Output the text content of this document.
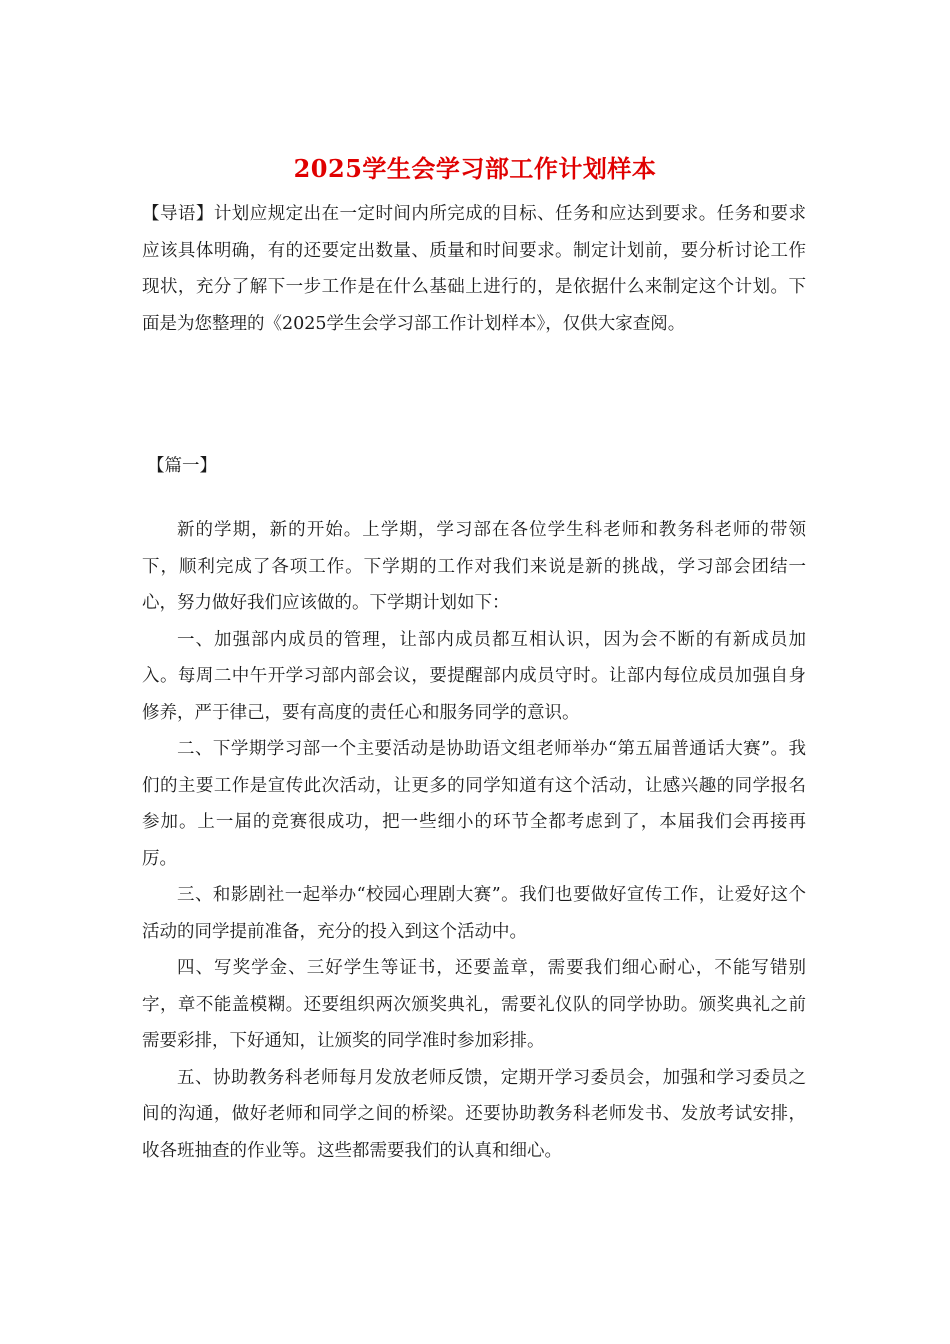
2025学生会学习部工作计划样本

【导语】计划应规定出在一定时间内所完成的目标、任务和应达到要求。任务和要求应该具体明确，有的还要定出数量、质量和时间要求。制定计划前，要分析讨论工作现状，充分了解下一步工作是在什么基础上进行的，是依据什么来制定这个计划。下面是为您整理的《2025学生会学习部工作计划样本》，仅供大家查阅。

【篇一】

新的学期，新的开始。上学期，学习部在各位学生科老师和教务科老师的带领下，顺利完成了各项工作。下学期的工作对我们来说是新的挑战，学习部会团结一心，努力做好我们应该做的。下学期计划如下：

一、加强部内成员的管理，让部内成员都互相认识，因为会不断的有新成员加入。每周二中午开学习部内部会议，要提醒部内成员守时。让部内每位成员加强自身修养，严于律己，要有高度的责任心和服务同学的意识。

二、下学期学习部一个主要活动是协助语文组老师举办“第五届普通话大赛”。我们的主要工作是宣传此次活动，让更多的同学知道有这个活动，让感兴趣的同学报名参加。上一届的竞赛很成功，把一些细小的环节全都考虑到了，本届我们会再接再厉。

三、和影剧社一起举办“校园心理剧大赛”。我们也要做好宣传工作，让爱好这个活动的同学提前准备，充分的投入到这个活动中。

四、写奖学金、三好学生等证书，还要盖章，需要我们细心耐心，不能写错别字，章不能盖模糊。还要组织两次颁奖典礼，需要礼仪队的同学协助。颁奖典礼之前需要彩排，下好通知，让颁奖的同学准时参加彩排。

五、协助教务科老师每月发放老师反馈，定期开学习委员会，加强和学习委员之间的沟通，做好老师和同学之间的桥梁。还要协助教务科老师发书、发放考试安排，收各班抽查的作业等。这些都需要我们的认真和细心。
